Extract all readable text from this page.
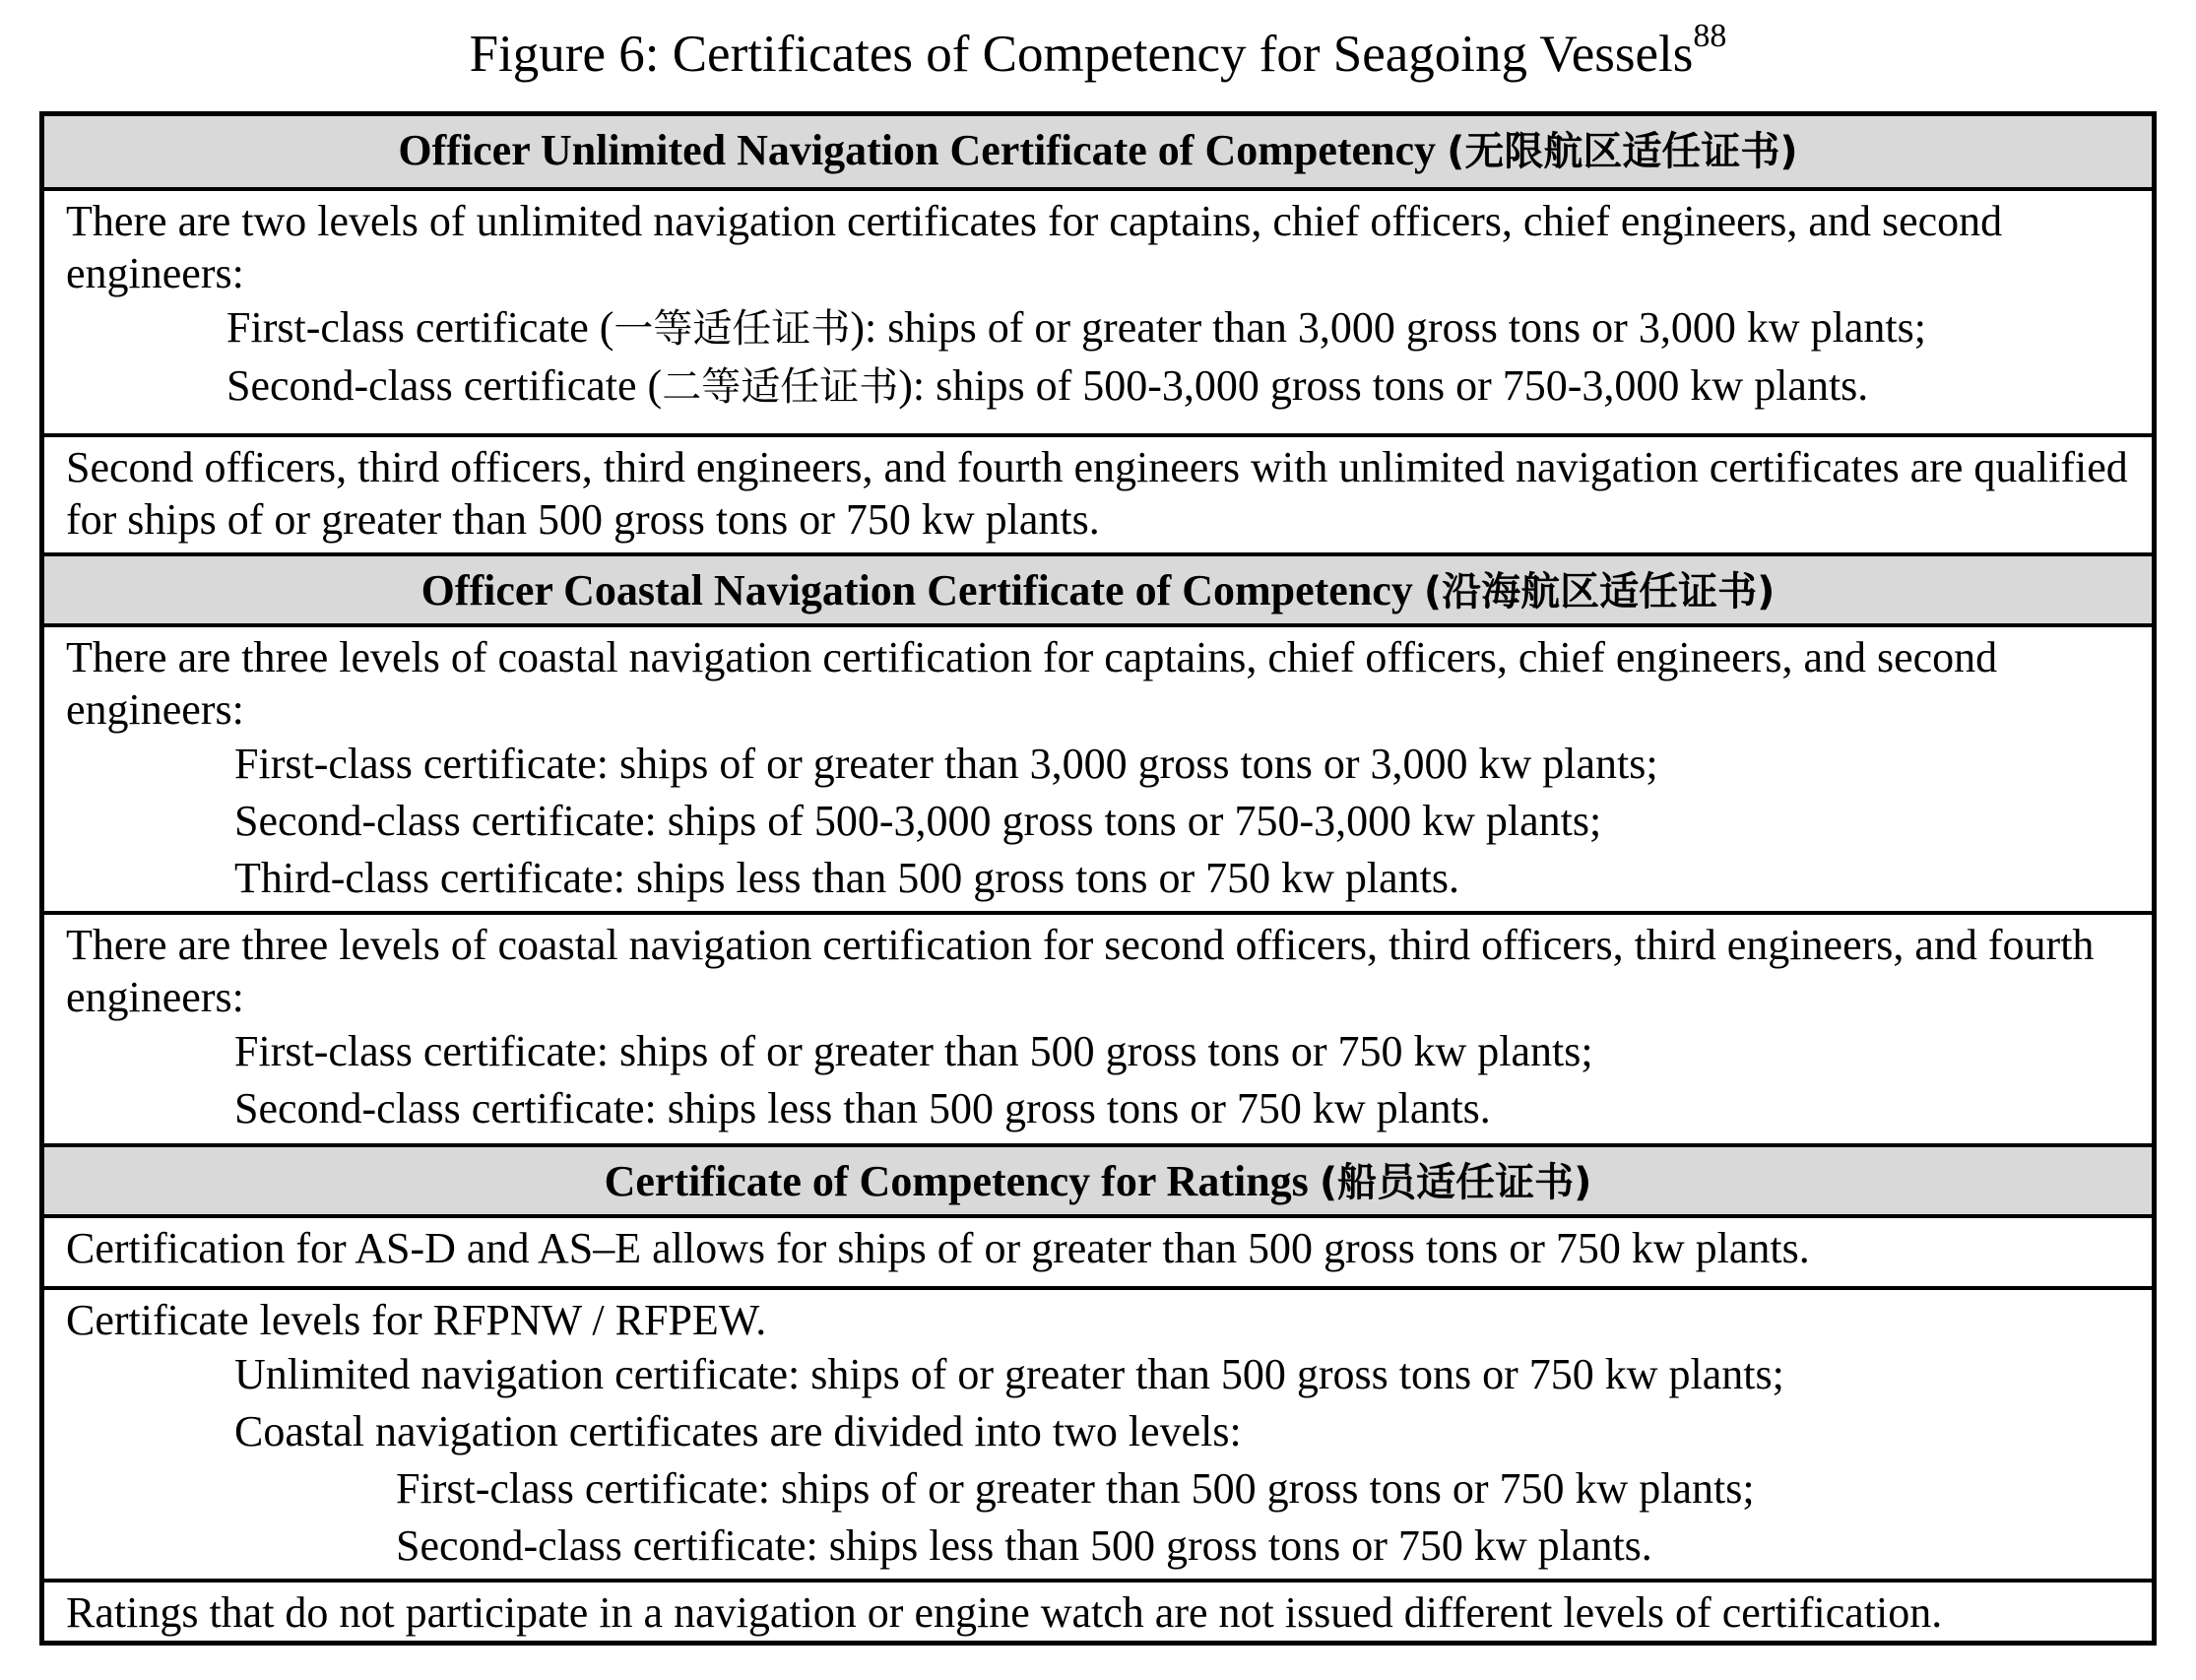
Figure 6: Certificates of Competency for Seagoing Vessels$^{88}$
Officer Unlimited Navigation Certificate of Competency (无限航区适任证书)
There are two levels of unlimited navigation certificates for captains, chief officers, chief engineers, and second engineers:
First-class certificate (一等适任证书): ships of or greater than 3,000 gross tons or 3,000 kw plants;
Second-class certificate (二等适任证书): ships of 500-3,000 gross tons or 750-3,000 kw plants.
Second officers, third officers, third engineers, and fourth engineers with unlimited navigation certificates are qualified for ships of or greater than 500 gross tons or 750 kw plants.
Officer Coastal Navigation Certificate of Competency (沿海航区适任证书)
There are three levels of coastal navigation certification for captains, chief officers, chief engineers, and second engineers:
First-class certificate: ships of or greater than 3,000 gross tons or 3,000 kw plants;
Second-class certificate: ships of 500-3,000 gross tons or 750-3,000 kw plants;
Third-class certificate: ships less than 500 gross tons or 750 kw plants.
There are three levels of coastal navigation certification for second officers, third officers, third engineers, and fourth engineers:
First-class certificate: ships of or greater than 500 gross tons or 750 kw plants;
Second-class certificate: ships less than 500 gross tons or 750 kw plants.
Certificate of Competency for Ratings (船员适任证书)
Certification for AS-D and AS–E allows for ships of or greater than 500 gross tons or 750 kw plants.
Certificate levels for RFPNW / RFPEW.
Unlimited navigation certificate: ships of or greater than 500 gross tons or 750 kw plants;
Coastal navigation certificates are divided into two levels:
First-class certificate: ships of or greater than 500 gross tons or 750 kw plants;
Second-class certificate: ships less than 500 gross tons or 750 kw plants.
Ratings that do not participate in a navigation or engine watch are not issued different levels of certification.
